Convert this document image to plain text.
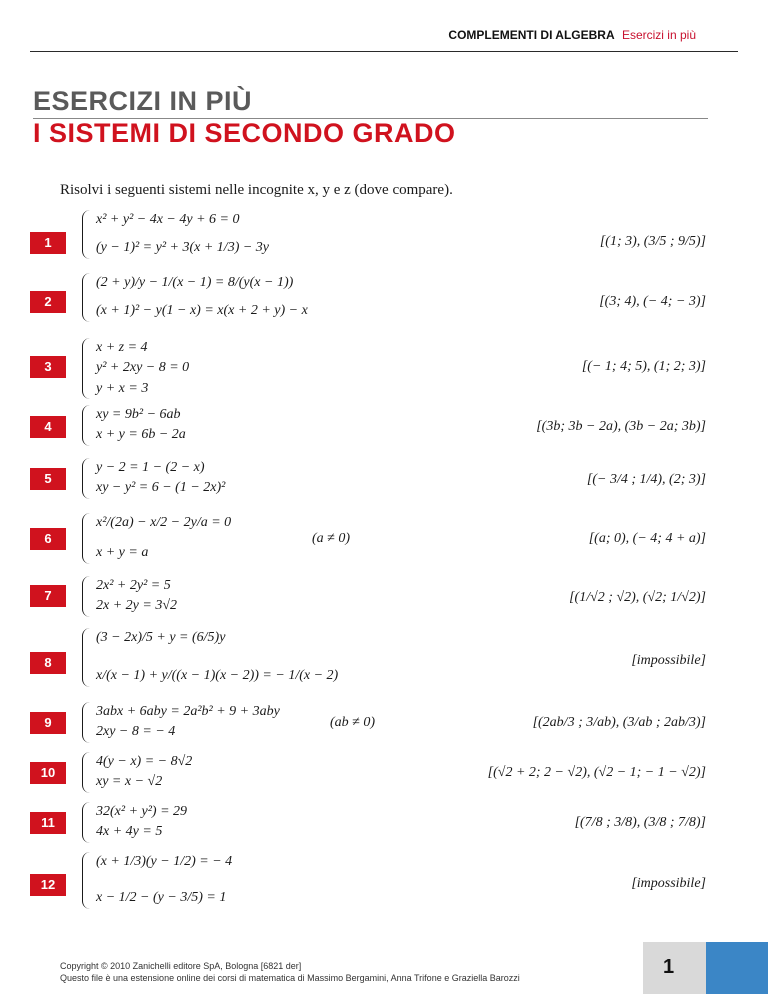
COMPLEMENTI DI ALGEBRA Esercizi in più
ESERCIZI IN PIÙ
I SISTEMI DI SECONDO GRADO
Risolvi i seguenti sistemi nelle incognite x, y e z (dove compare).
1
x² + y² − 4x − 4y + 6 = 0
(y − 1)² = y² + 3(x + 1/3) − 3y	[(1; 3), (3/5 ; 9/5)]
2
(2 + y)/y − 1/(x − 1) = 8/(y(x − 1))
(x + 1)² − y(1 − x) = x(x + 2 + y) − x
[(3; 4), (− 4; − 3)]
3
x + z = 4
y² + 2xy − 8 = 0
y + x = 3
[(− 1; 4; 5), (1; 2; 3)]
4
xy = 9b² − 6ab
x + y = 6b − 2a
[(3b; 3b − 2a), (3b − 2a; 3b)]
5
y − 2 = 1 − (2 − x)
xy − y² = 6 − (1 − 2x)²
[(− 3/4 ; 1/4), (2; 3)]
6
x²/(2a) − x/2 − 2y/a = 0
x + y = a
(a ≠ 0)	[(a; 0), (− 4; 4 + a)]
7
2x² + 2y² = 5
2x + 2y = 3√2
[(1/√2 ; √2), (√2; 1/√2)]
8
(3 − 2x)/5 + y = (6/5)y
x/(x − 1) + y/((x − 1)(x − 2)) = − 1/(x − 2)
[impossibile]
9
3abx + 6aby = 2a²b² + 9 + 3aby
2xy − 8 = − 4
(ab ≠ 0)	[(2ab/3 ; 3/ab), (3/ab ; 2ab/3)]
10
4(y − x) = − 8√2
xy = x − √2
[(√2 + 2; 2 − √2), (√2 − 1; − 1 − √2)]
11
32(x² + y²) = 29
4x + 4y = 5
[(7/8 ; 3/8), (3/8 ; 7/8)]
12
(x + 1/3)(y − 1/2) = − 4
x − 1/2 − (y − 3/5) = 1
[impossibile]
Copyright © 2010 Zanichelli editore SpA, Bologna [6821 der]
Questo file è una estensione online dei corsi di matematica di Massimo Bergamini, Anna Trifone e Graziella Barozzi
1
